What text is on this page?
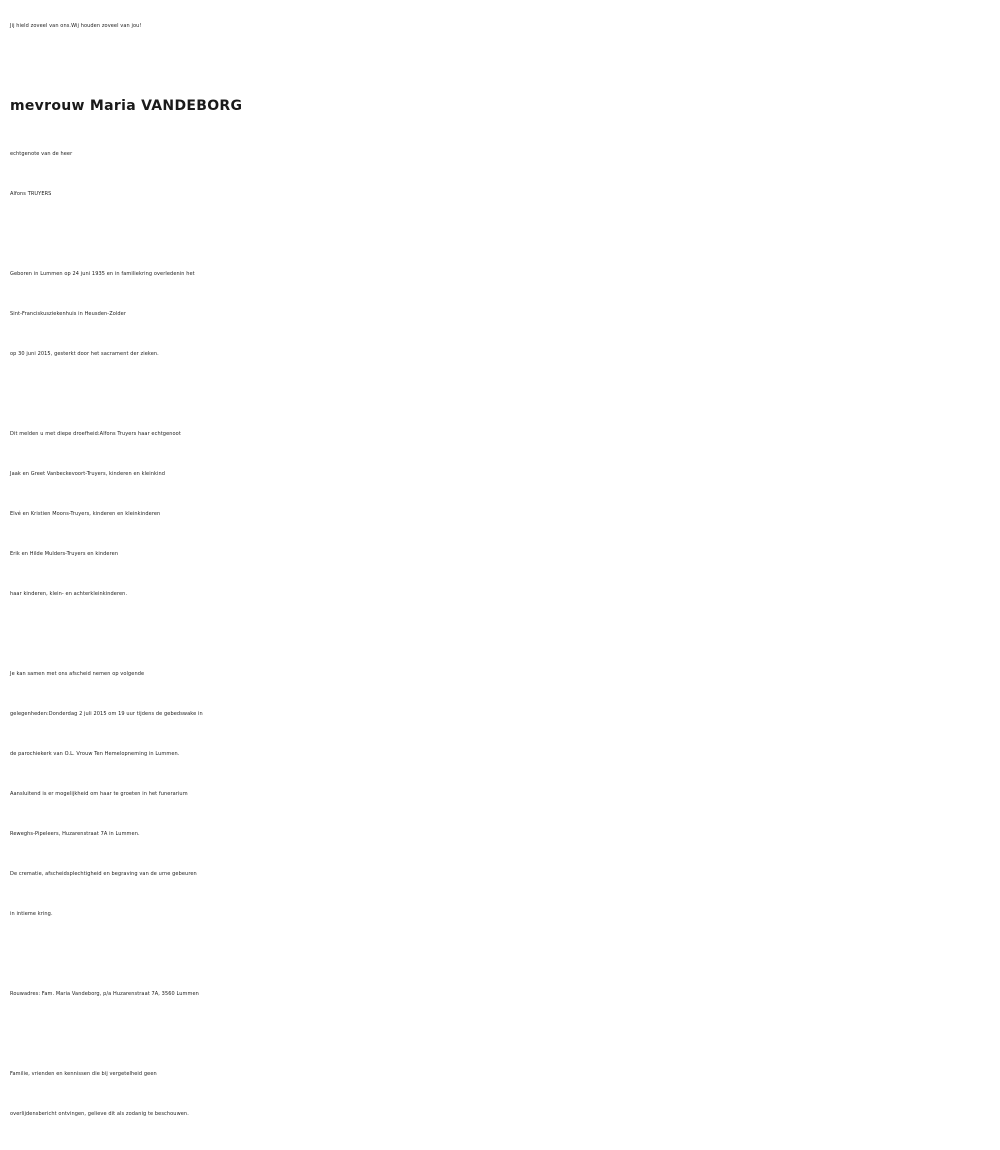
Jij hield zoveel van ons.Wij houden zoveel van jou!
mevrouw Maria VANDEBORG
echtgenote van de heer
Alfons TRUYERS
Geboren in Lummen op 24 juni 1935 en in familiekring overledenin het
Sint-Franciskusziekenhuis in Heusden-Zolder
op 30 juni 2015, gesterkt door het sacrament der zieken.
Dit melden u met diepe droefheid:Alfons Truyers haar echtgenoot
Jaak en Greet Vanbeckevoort-Truyers, kinderen en kleinkind
Elvé en Kristien Moons-Truyers, kinderen en kleinkinderen
Erik en Hilde Mulders-Truyers en kinderen
haar kinderen, klein- en achterkleinkinderen.
Je kan samen met ons afscheid nemen op volgende
gelegenheden:Donderdag 2 juli 2015 om 19 uur tijdens de gebedswake in
de parochiekerk van O.L. Vrouw Ten Hemelopneming in Lummen.
Aansluitend is er mogelijkheid om haar te groeten in het funerarium
Reweghs-Pipeleers, Huzarenstraat 7A in Lummen.
De crematie, afscheidsplechtigheid en begraving van de urne gebeuren
in intieme kring.
Rouwadres: Fam. Maria Vandeborg, p/a Huzarenstraat 7A, 3560 Lummen
Familie, vrienden en kennissen die bij vergetelheid geen
overlijdensbericht ontvingen, gelieve dit als zodanig te beschouwen.
